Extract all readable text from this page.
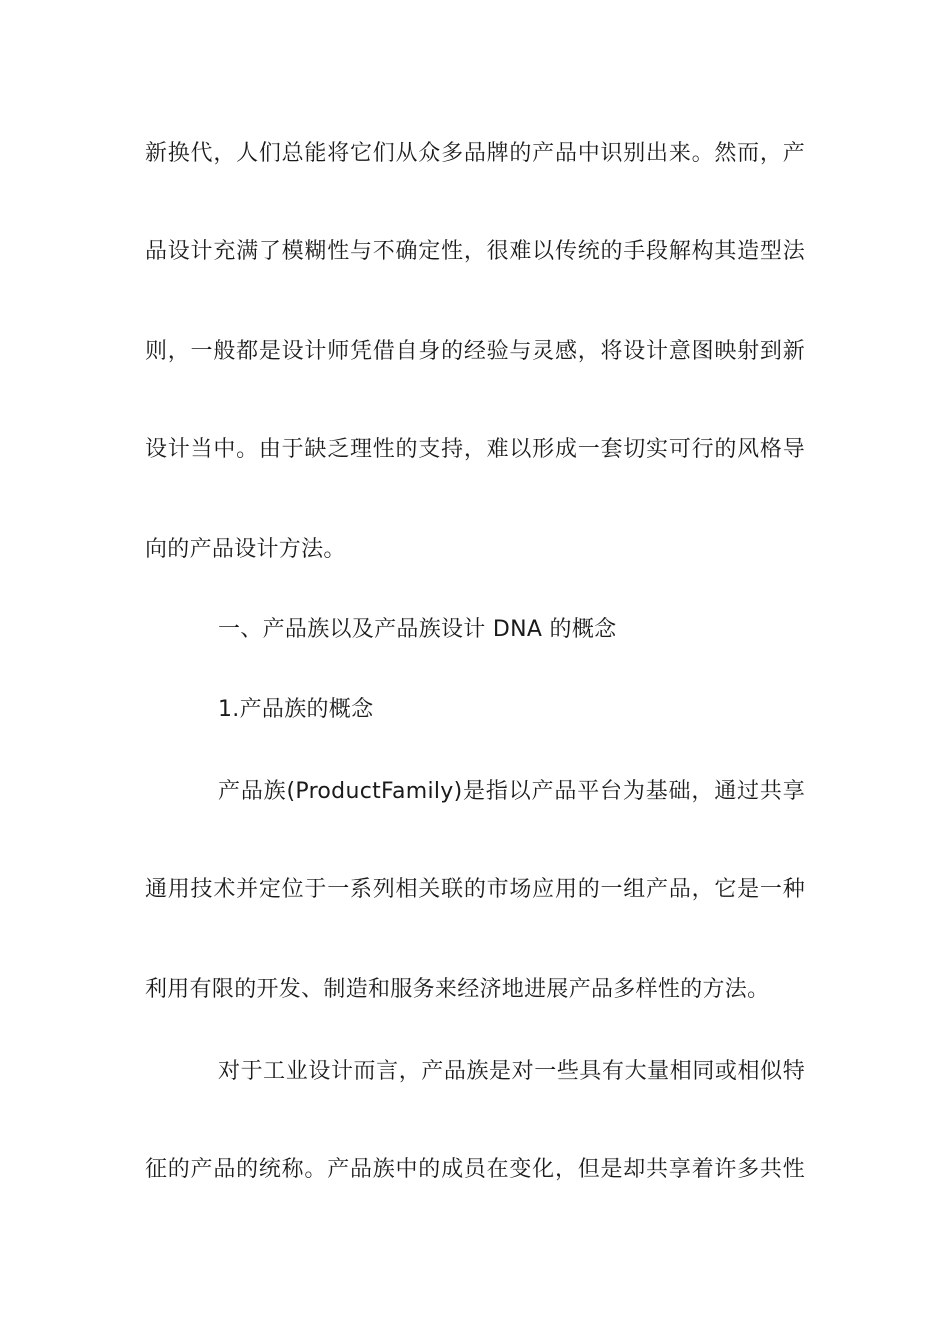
新换代，人们总能将它们从众多品牌的产品中识别出来。然而，产
品设计充满了模糊性与不确定性，很难以传统的手段解构其造型法
则，一般都是设计师凭借自身的经验与灵感，将设计意图映射到新
设计当中。由于缺乏理性的支持，难以形成一套切实可行的风格导
向的产品设计方法。
一、产品族以及产品族设计 DNA 的概念
1.产品族的概念
产品族(ProductFamily)是指以产品平台为基础，通过共享
通用技术并定位于一系列相关联的市场应用的一组产品，它是一种
利用有限的开发、制造和服务来经济地进展产品多样性的方法。
对于工业设计而言，产品族是对一些具有大量相同或相似特
征的产品的统称。产品族中的成员在变化，但是却共享着许多共性
